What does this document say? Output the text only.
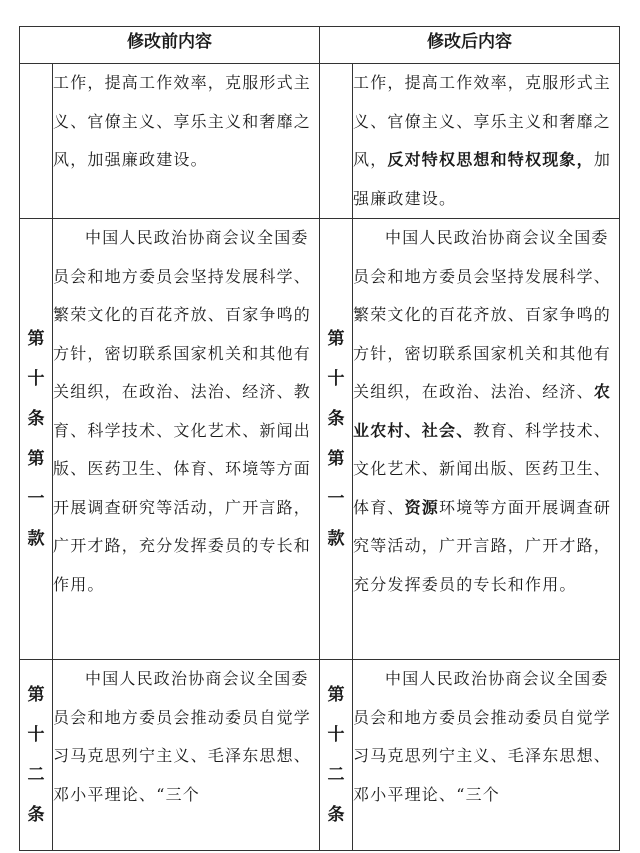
修改前内容		修改后内容	

	工作，提高工作效率，克服形式主义、官僚主义、享乐主义和奢靡之风，加强廉政建设。		工作，提高工作效率，克服形式主义、官僚主义、享乐主义和奢靡之风，反对特权思想和特权现象，加强廉政建设。

第十条第一款	中国人民政治协商会议全国委员会和地方委员会坚持发展科学、繁荣文化的百花齐放、百家争鸣的方针，密切联系国家机关和其他有关组织，在政治、法治、经济、教育、科学技术、文化艺术、新闻出版、医药卫生、体育、环境等方面开展调查研究等活动，广开言路，广开才路，充分发挥委员的专长和作用。	第十条第一款	中国人民政治协商会议全国委员会和地方委员会坚持发展科学、繁荣文化的百花齐放、百家争鸣的方针，密切联系国家机关和其他有关组织，在政治、法治、经济、农业农村、社会、教育、科学技术、文化艺术、新闻出版、医药卫生、体育、资源环境等方面开展调查研究等活动，广开言路，广开才路，充分发挥委员的专长和作用。

第十二条	中国人民政治协商会议全国委员会和地方委员会推动委员自觉学习马克思列宁主义、毛泽东思想、邓小平理论、“三个	第十二条	中国人民政治协商会议全国委员会和地方委员会推动委员自觉学习马克思列宁主义、毛泽东思想、邓小平理论、“三个
